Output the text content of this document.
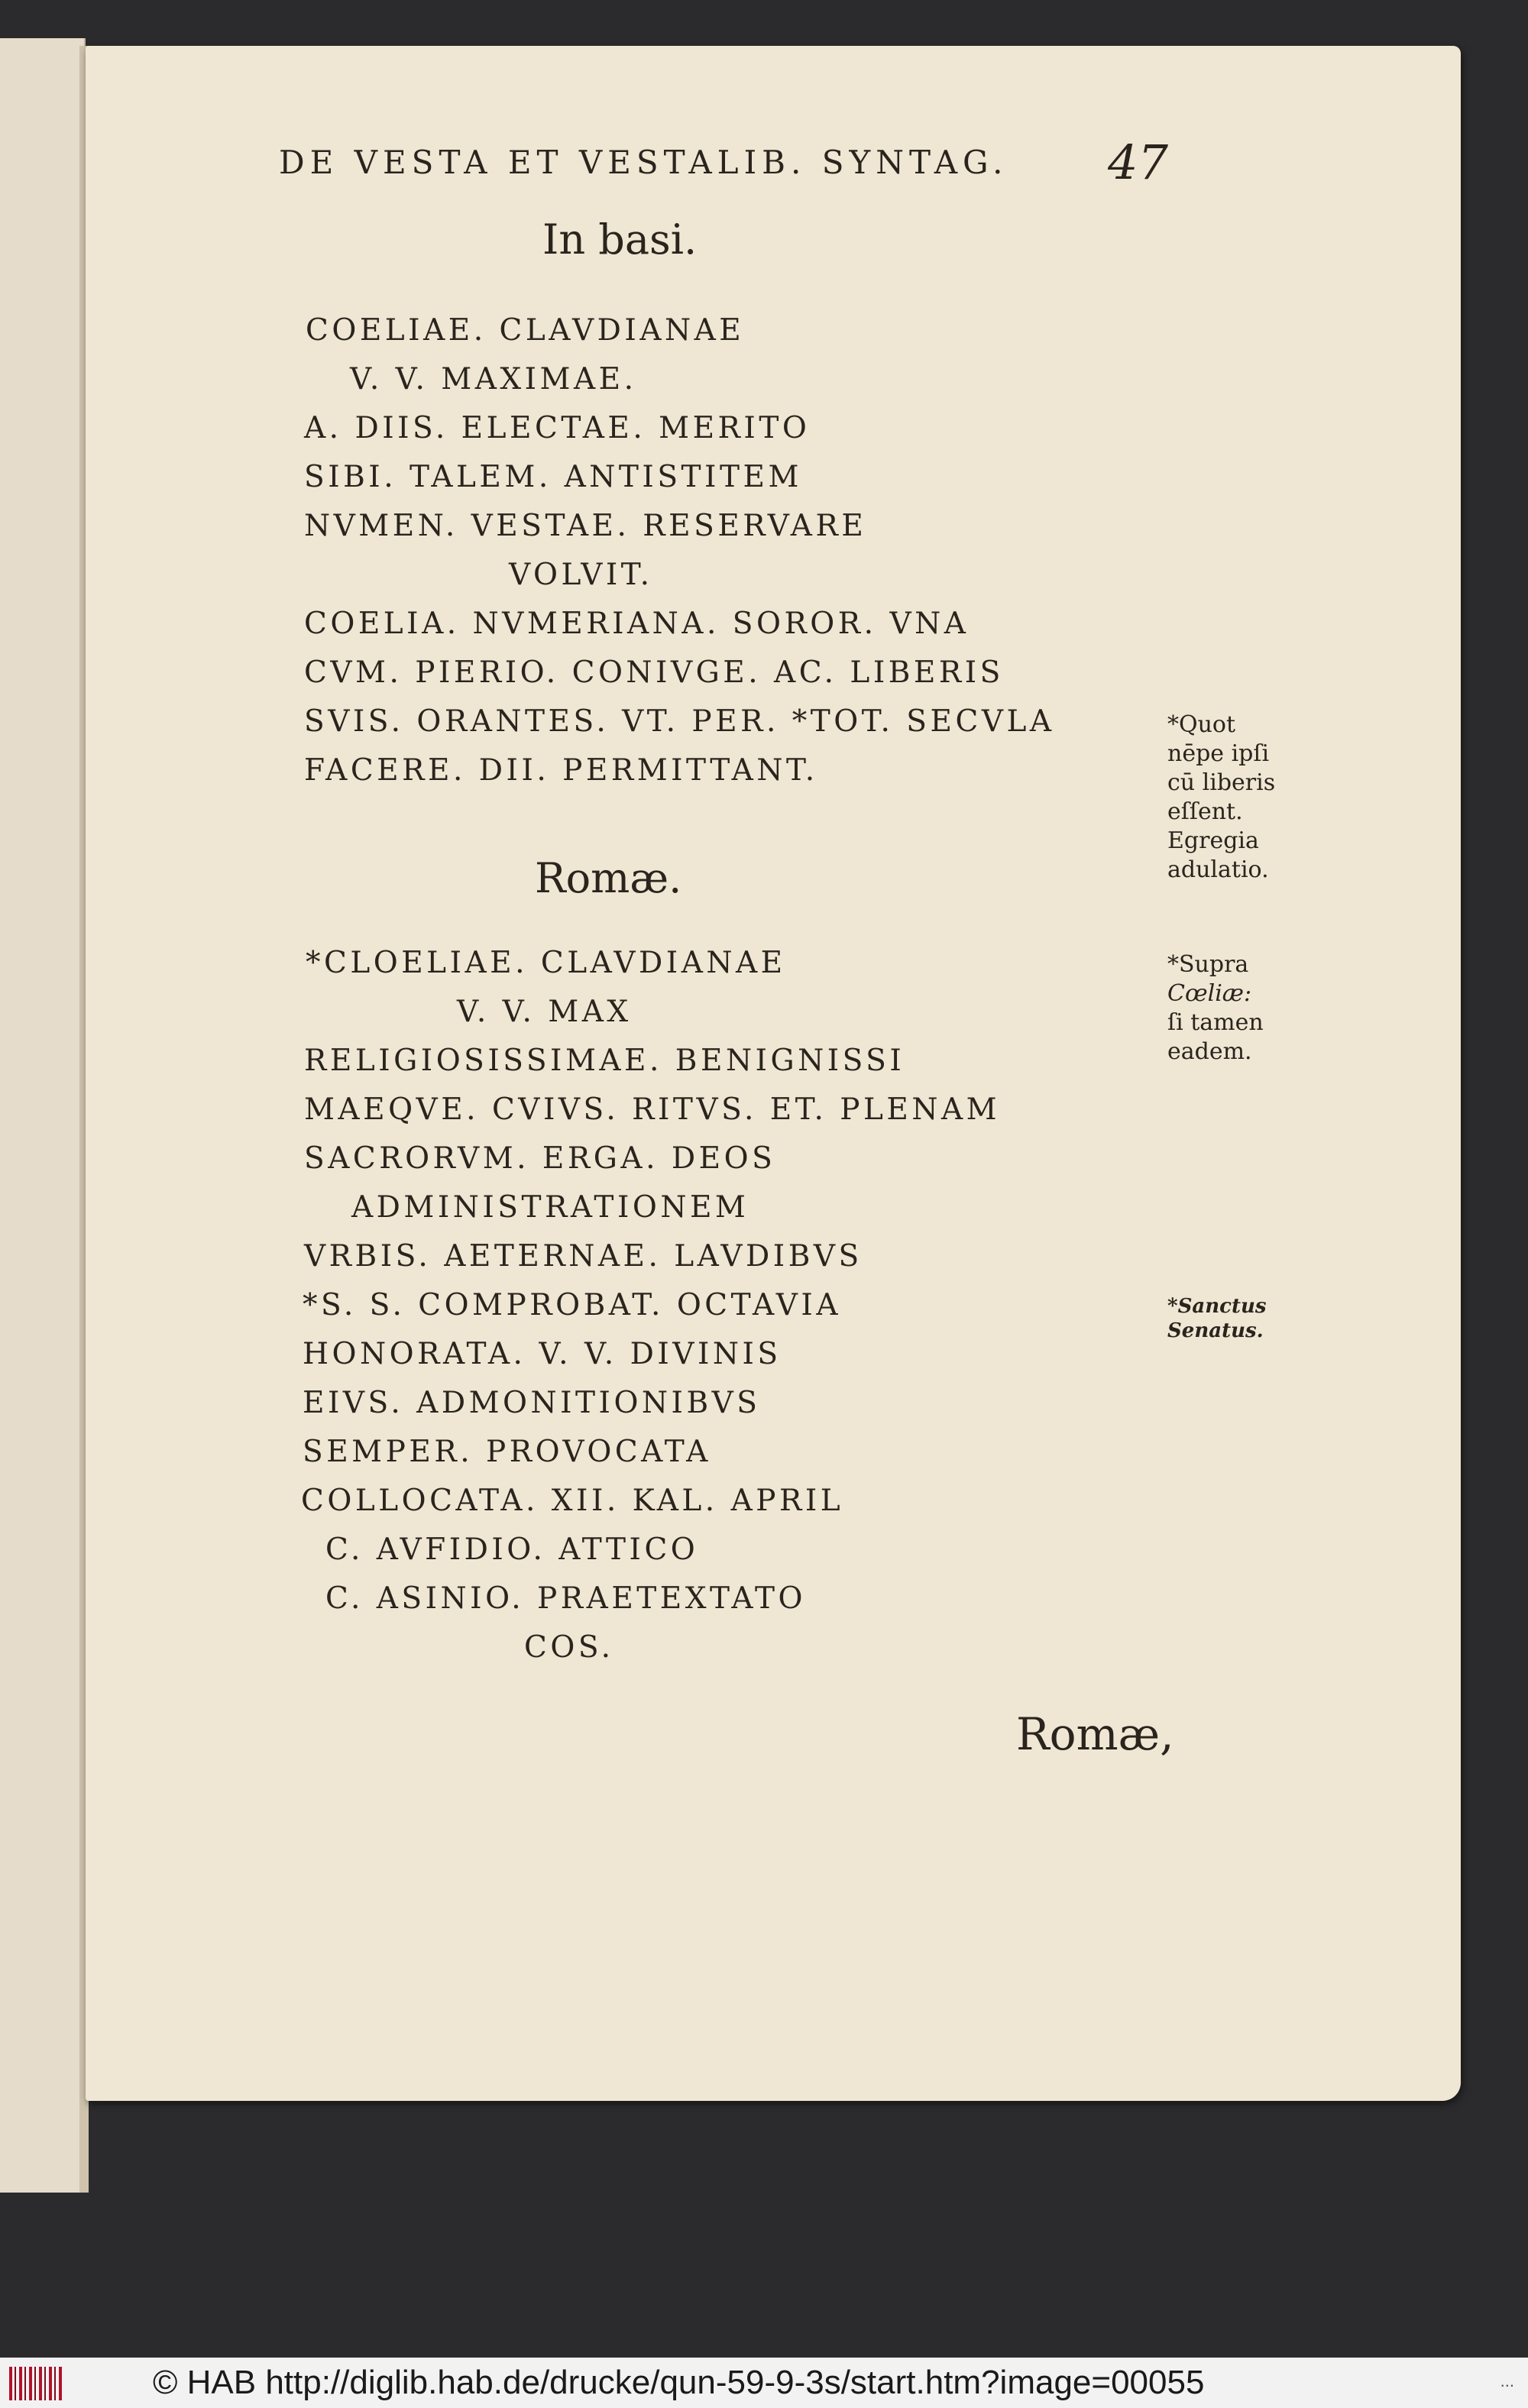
DE VESTA ET VESTALIB. SYNTAG. 47
In basi.
COELIAE. CLAVDIANAE
V. V. MAXIMAE.
A. DIIS. ELECTAE. MERITO
SIBI. TALEM. ANTISTITEM
NVMEN. VESTAE. RESERVARE
VOLVIT.
COELIA. NVMERIANA. SOROR. VNA
CVM. PIERIO. CONIVGE. AC. LIBERIS
SVIS. ORANTES. VT. PER. *TOT. SECVLA
FACERE. DII. PERMITTANT.
*Quot
nēpe ipſi
cū liberis
eſſent.
Egregia
adulatio.
Romæ.
*CLOELIAE. CLAVDIANAE
V. V. MAX
RELIGIOSISSIMAE. BENIGNISSI
MAEQVE. CVIVS. RITVS. ET. PLENAM
SACRORVM. ERGA. DEOS
ADMINISTRATIONEM
VRBIS. AETERNAE. LAVDIBVS
*S. S. COMPROBAT. OCTAVIA
HONORATA. V. V. DIVINIS
EIVS. ADMONITIONIBVS
SEMPER. PROVOCATA
COLLOCATA. XII. KAL. APRIL
C. AVFIDIO. ATTICO
C. ASINIO. PRAETEXTATO
COS.
*Supra
Cœliæ:
ſi tamen
eadem.
*Sanctus
Senatus.
Romæ,
© HAB http://diglib.hab.de/drucke/qun-59-9-3s/start.htm?image=00055	...
